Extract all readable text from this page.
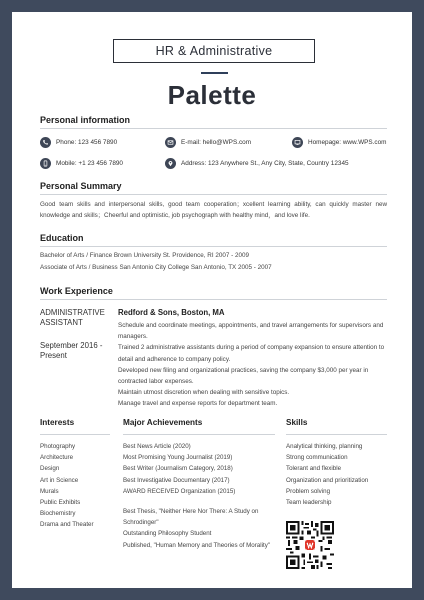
HR & Administrative
Palette
Personal information
Phone: 123 456 7890	E-mail: hello@WPS.com	Homepage: www.WPS.com
Mobile: +1 23 456 7890	Address: 123 Anywhere St., Any City, State, Country 12345
Personal Summary
Good team skills and interpersonal skills, good team cooperation；xcellent learning ability, can quickly master new knowledge and skills；Cheerful and optimistic, job psychograph with healthy mind，and love life.
Education
Bachelor of Arts / Finance Brown University St. Providence, RI 2007 - 2009
Associate of Arts / Business San Antonio City College San Antonio, TX 2005 - 2007
Work Experience
ADMINISTRATIVE ASSISTANT
September 2016 - Present
Redford & Sons, Boston, MA
Schedule and coordinate meetings, appointments, and travel arrangements for supervisors and managers.
Trained 2 administrative assistants during a period of company expansion to ensure attention to detail and adherence to company policy.
Developed new filing and organizational practices, saving the company $3,000 per year in contracted labor expenses.
Maintain utmost discretion when dealing with sensitive topics.
Manage travel and expense reports for department team.
Interests
Photography
Architecture
Design
Art in Science
Murals
Public Exhibits
Biochemistry
Drama and Theater
Major Achievements
Best News Article (2020)
Most Promising Young Journalist (2019)
Best Writer (Journalism Category, 2018)
Best Investigative Documentary (2017)
AWARD RECEIVED Organization (2015)
Best Thesis, "Neither Here Nor There: A Study on Schrodinger"
Outstanding Philosophy Student
Published, "Human Memory and Theories of Morality"
Skills
Analytical thinking, planning
Strong communication
Tolerant and flexible
Organization and prioritization
Problem solving
Team leadership
